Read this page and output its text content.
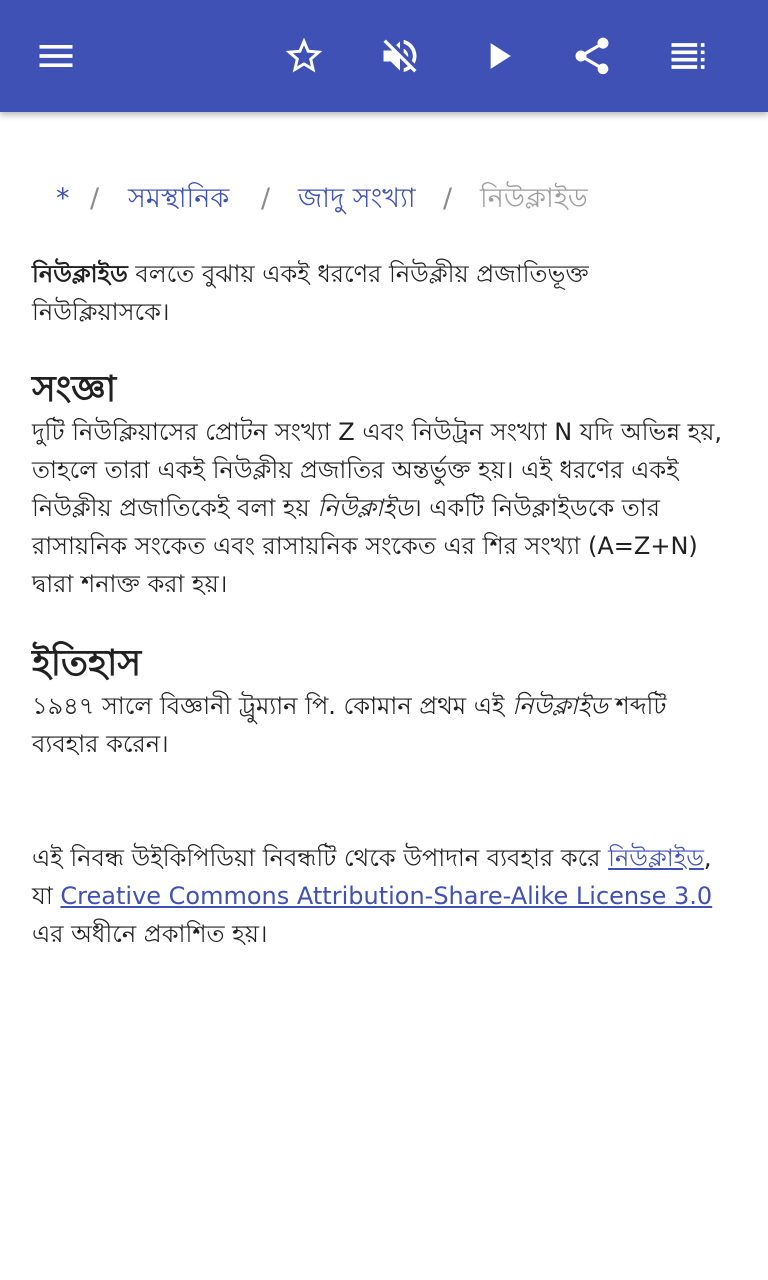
* / সমস্থানিক / জাদু সংখ্যা / নিউক্লাইড

নিউক্লাইড বলতে বুঝায় একই ধরণের নিউক্লীয় প্রজাতিভূক্ত নিউক্লিয়াসকে।

সংজ্ঞা

দুটি নিউক্লিয়াসের প্রোটন সংখ্যা Z এবং নিউট্রন সংখ্যা N যদি অভিন্ন হয়, তাহলে তারা একই নিউক্লীয় প্রজাতির অন্তর্ভুক্ত হয়। এই ধরণের একই নিউক্লীয় প্রজাতিকেই বলা হয় নিউক্লাইড। একটি নিউক্লাইডকে তার রাসায়নিক সংকেত এবং রাসায়নিক সংকেত এর শির সংখ্যা (A=Z+N) দ্বারা শনাক্ত করা হয়।

ইতিহাস

১৯৪৭ সালে বিজ্ঞানী ট্রুম্যান পি. কোমান প্রথম এই নিউক্লাইড শব্দটি ব্যবহার করেন।

এই নিবন্ধ উইকিপিডিয়া নিবন্ধটি থেকে উপাদান ব্যবহার করে নিউক্লাইড, যা Creative Commons Attribution-Share-Alike License 3.0 এর অধীনে প্রকাশিত হয়।
